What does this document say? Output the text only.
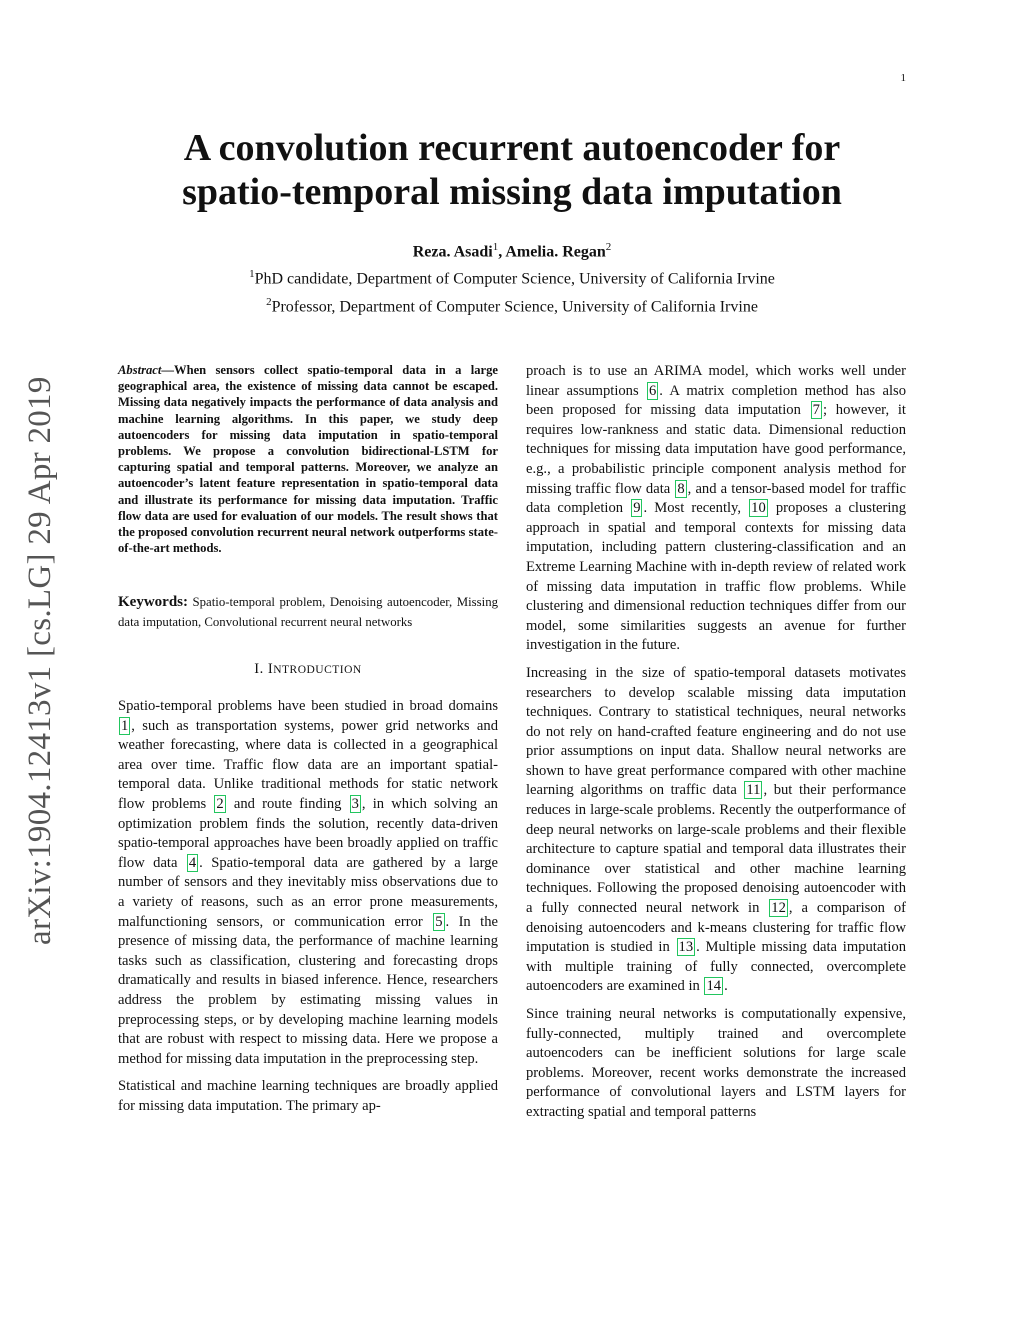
1
arXiv:1904.12413v1 [cs.LG] 29 Apr 2019
A convolution recurrent autoencoder for
spatio-temporal missing data imputation
Reza. Asadi$^1$, Amelia. Regan$^2$
$^1$PhD candidate, Department of Computer Science, University of California Irvine
$^2$Professor, Department of Computer Science, University of California Irvine

Abstract—When sensors collect spatio-temporal data in a large geographical area, the existence of missing data cannot be escaped. Missing data negatively impacts the performance of data analysis and machine learning algorithms. In this paper, we study deep autoencoders for missing data imputation in spatio-temporal problems. We propose a convolution bidirectional-LSTM for capturing spatial and temporal patterns. Moreover, we analyze an autoencoder’s latent feature representation in spatio-temporal data and illustrate its performance for missing data imputation. Traffic flow data are used for evaluation of our models. The result shows that the proposed convolution recurrent neural network outperforms state-of-the-art methods.

Keywords: Spatio-temporal problem, Denoising autoencoder, Missing data imputation, Convolutional recurrent neural networks
I. INTRODUCTION

Spatio-temporal problems have been studied in broad domains 1 , such as transportation systems, power grid networks and weather forecasting, where data is collected in a geographical area over time. Traffic flow data are an important spatial-temporal data. Unlike traditional methods for static network flow problems 2 and route finding 3 , in which solving an optimization problem finds the solution, recently data-driven spatio-temporal approaches have been broadly applied on traffic flow data 4 . Spatio-temporal data are gathered by a large number of sensors and they inevitably miss observations due to a variety of reasons, such as an error prone measurements, malfunctioning sensors, or communication error 5 . In the presence of missing data, the performance of machine learning tasks such as classification, clustering and forecasting drops dramatically and results in biased inference. Hence, researchers address the problem by estimating missing values in preprocessing steps, or by developing machine learning models that are robust with respect to missing data. Here we propose a method for missing data imputation in the preprocessing step.

Statistical and machine learning techniques are broadly applied for missing data imputation. The primary ap-

proach is to use an ARIMA model, which works well under linear assumptions 6 . A matrix completion method has also been proposed for missing data imputation 7 ; however, it requires low-rankness and static data. Dimensional reduction techniques for missing data imputation have good performance, e.g., a probabilistic principle component analysis method for missing traffic flow data 8 , and a tensor-based model for traffic data completion 9 . Most recently, 10 proposes a clustering approach in spatial and temporal contexts for missing data imputation, including pattern clustering-classification and an Extreme Learning Machine with in-depth review of related work of missing data imputation in traffic flow problems. While clustering and dimensional reduction techniques differ from our model, some similarities suggests an avenue for further investigation in the future.

Increasing in the size of spatio-temporal datasets motivates researchers to develop scalable missing data imputation techniques. Contrary to statistical techniques, neural networks do not rely on hand-crafted feature engineering and do not use prior assumptions on input data. Shallow neural networks are shown to have great performance compared with other machine learning algorithms on traffic data 11 , but their performance reduces in large-scale problems. Recently the outperformance of deep neural networks on large-scale problems and their flexible architecture to capture spatial and temporal data illustrates their dominance over statistical and other machine learning techniques. Following the proposed denoising autoencoder with a fully connected neural network in 12 , a comparison of denoising autoencoders and k-means clustering for traffic flow imputation is studied in 13 . Multiple missing data imputation with multiple training of fully connected, overcomplete autoencoders are examined in 14 .

Since training neural networks is computationally expensive, fully-connected, multiply trained and overcomplete autoencoders can be inefficient solutions for large scale problems. Moreover, recent works demonstrate the increased performance of convolutional layers and LSTM layers for extracting spatial and temporal patterns
